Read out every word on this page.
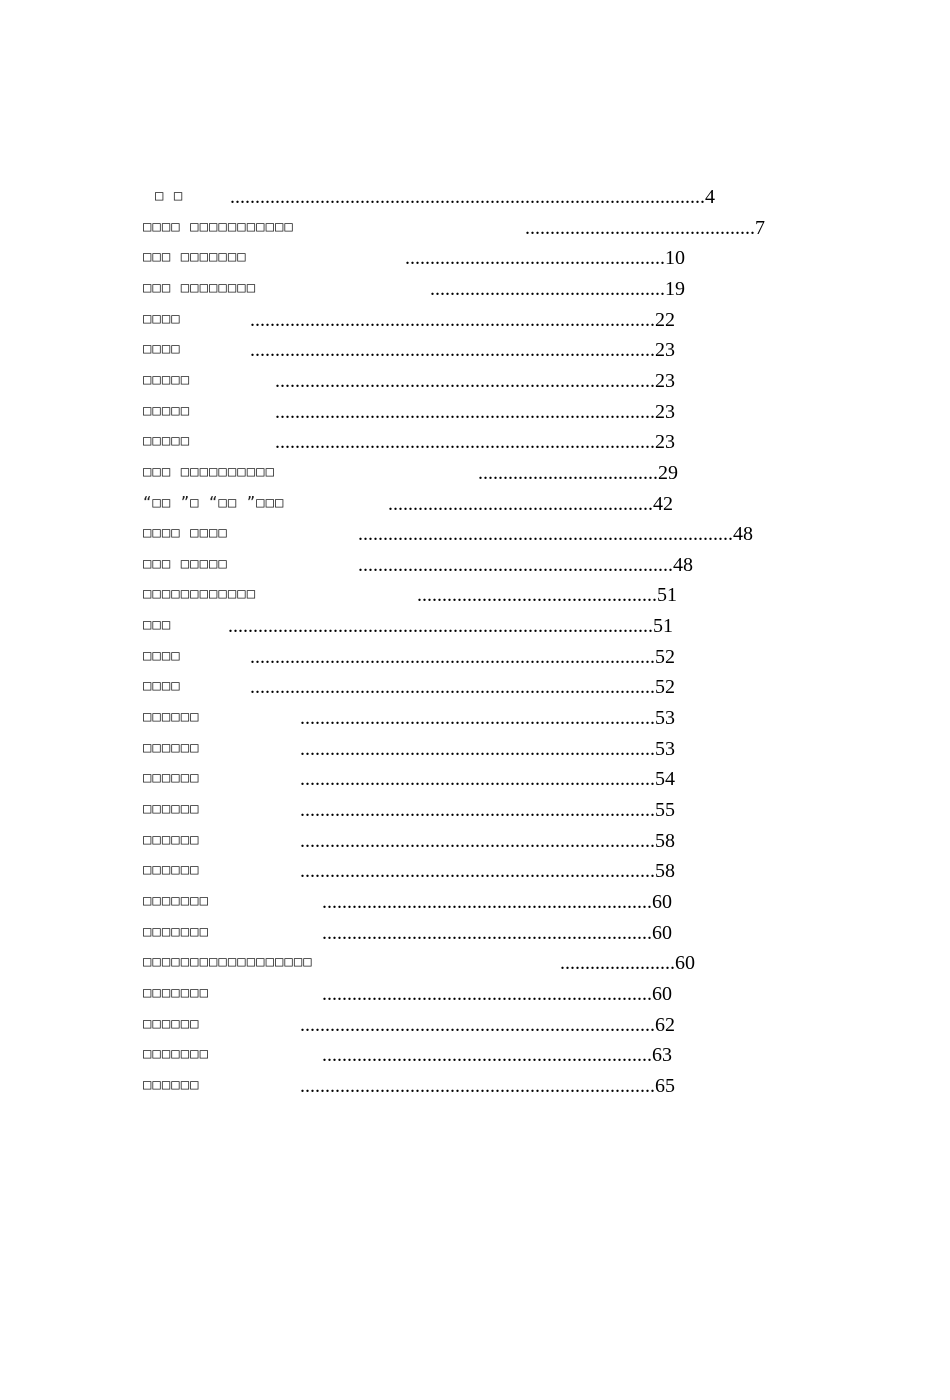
□ □ ...............................................................................................4
□□□□ □□□□□□□□□□□	..............................................7
□□□ □□□□□□□	....................................................10
□□□ □□□□□□□□	...............................................19
□□□□	.................................................................................22
□□□□	.................................................................................23
□□□□□	............................................................................23
□□□□□	............................................................................23
□□□□□	............................................................................23
□□□ □□□□□□□□□□	....................................29
“□□ ”□ “□□ ”□□□	.....................................................42
□□□□ □□□□	...........................................................................48
□□□ □□□□□	...............................................................48
□□□□□□□□□□□□	................................................51
□□□	.....................................................................................51
□□□□	.................................................................................52
□□□□	.................................................................................52
□□□□□□	.......................................................................53
□□□□□□	.......................................................................53
□□□□□□	.......................................................................54
□□□□□□	.......................................................................55
□□□□□□	.......................................................................58
□□□□□□	.......................................................................58
□□□□□□□	..................................................................60
□□□□□□□	..................................................................60
□□□□□□□□□□□□□□□□□□	.......................60
□□□□□□□	..................................................................60
□□□□□□	.......................................................................62
□□□□□□□	..................................................................63
□□□□□□	.......................................................................65
